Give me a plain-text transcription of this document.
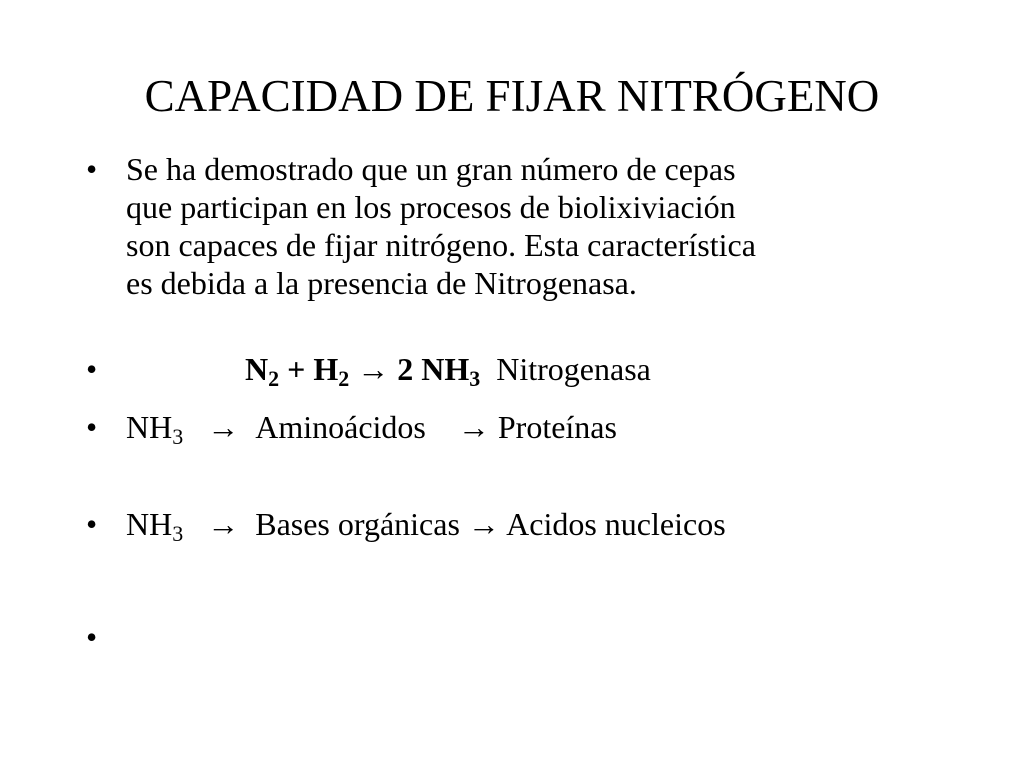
CAPACIDAD DE FIJAR NITRÓGENO
• Se ha demostrado que un gran número de cepas
que participan en los procesos de biolixiviación
son capaces de fijar nitrógeno. Esta característica
es debida a la presencia de Nitrogenasa.
•	$N_2 + H_2 \to 2$ $NH_3$ Nitrogenasa
• $NH_3$ → Aminoácidos → Proteínas
• $NH_3$ → Bases orgánicas → Acidos nucleicos
•
